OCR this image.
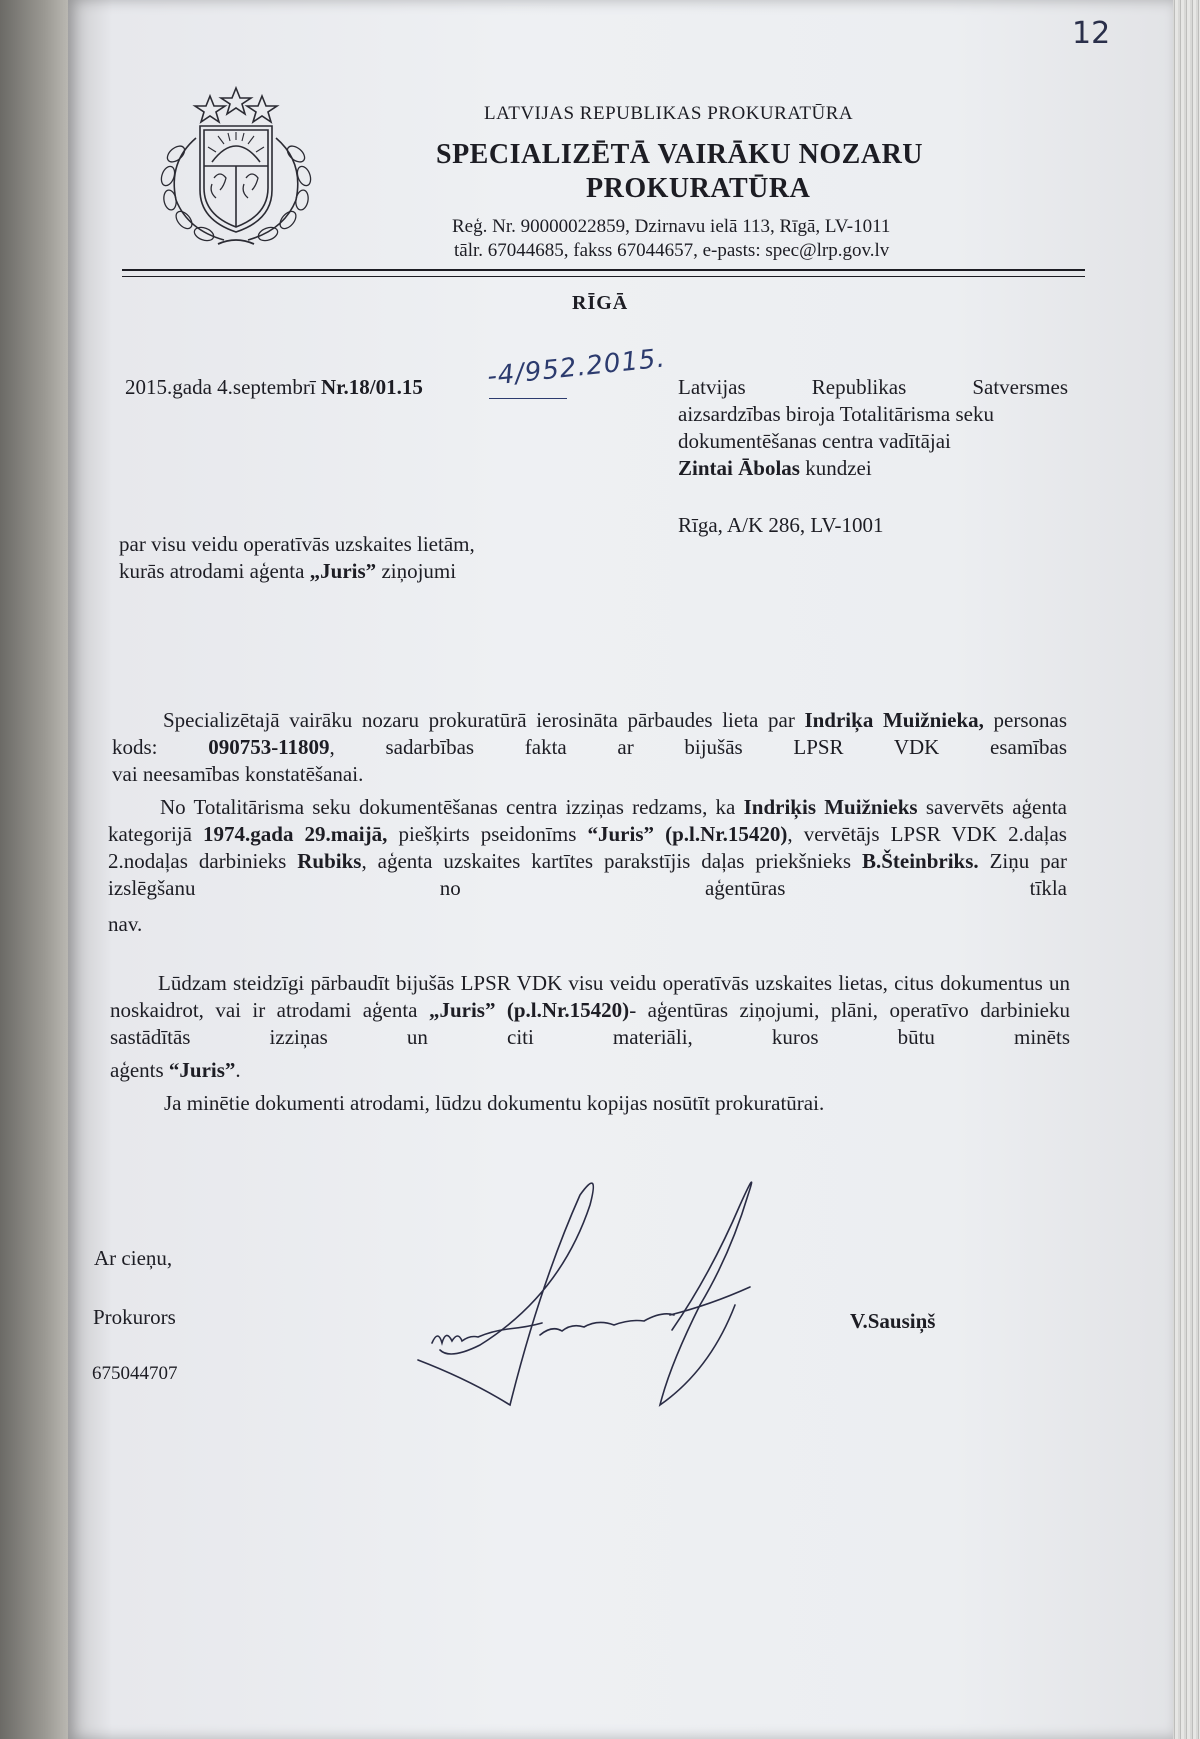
12
LATVIJAS REPUBLIKAS PROKURATŪRA
SPECIALIZĒTĀ VAIRĀKU NOZARU
PROKURATŪRA
Reģ. Nr. 90000022859, Dzirnavu ielā 113, Rīgā, LV-1011
tālr. 67044685, fakss 67044657, e-pasts: spec@lrp.gov.lv
RĪGĀ
2015.gada 4.septembrī Nr.18/01.15 -4/952.2015. Latvijas	Republikas	Satversmes
aizsardzības biroja Totalitārisma seku
dokumentēšanas centra vadītājai
Zintai Ābolas kundzei
Rīga, A/K 286, LV-1001
par visu veidu operatīvās uzskaites lietām,
kurās atrodami aģenta „Juris” ziņojumi
Specializētajā vairāku nozaru prokuratūrā ierosināta pārbaudes lieta par Indriķa Muižnieka, personas kods: 090753-11809, sadarbības fakta ar bijušās LPSR VDK esamības
vai neesamības konstatēšanai.
No Totalitārisma seku dokumentēšanas centra izziņas redzams, ka Indriķis Muižnieks savervēts aģenta kategorijā 1974.gada 29.maijā, piešķirts pseidonīms “Juris” (p.l.Nr.15420), vervētājs LPSR VDK 2.daļas 2.nodaļas darbinieks Rubiks, aģenta uzskaites kartītes parakstījis daļas priekšnieks B.Šteinbriks. Ziņu par izslēgšanu no aģentūras tīkla
nav.
Lūdzam steidzīgi pārbaudīt bijušās LPSR VDK visu veidu operatīvās uzskaites lietas, citus dokumentus un noskaidrot, vai ir atrodami aģenta „Juris” (p.l.Nr.15420)- aģentūras ziņojumi, plāni, operatīvo darbinieku sastādītās izziņas un citi materiāli, kuros būtu minēts
aģents “Juris”.
Ja minētie dokumenti atrodami, lūdzu dokumentu kopijas nosūtīt prokuratūrai.
Ar cieņu,
Prokurors
675044707
V.Sausiņš
